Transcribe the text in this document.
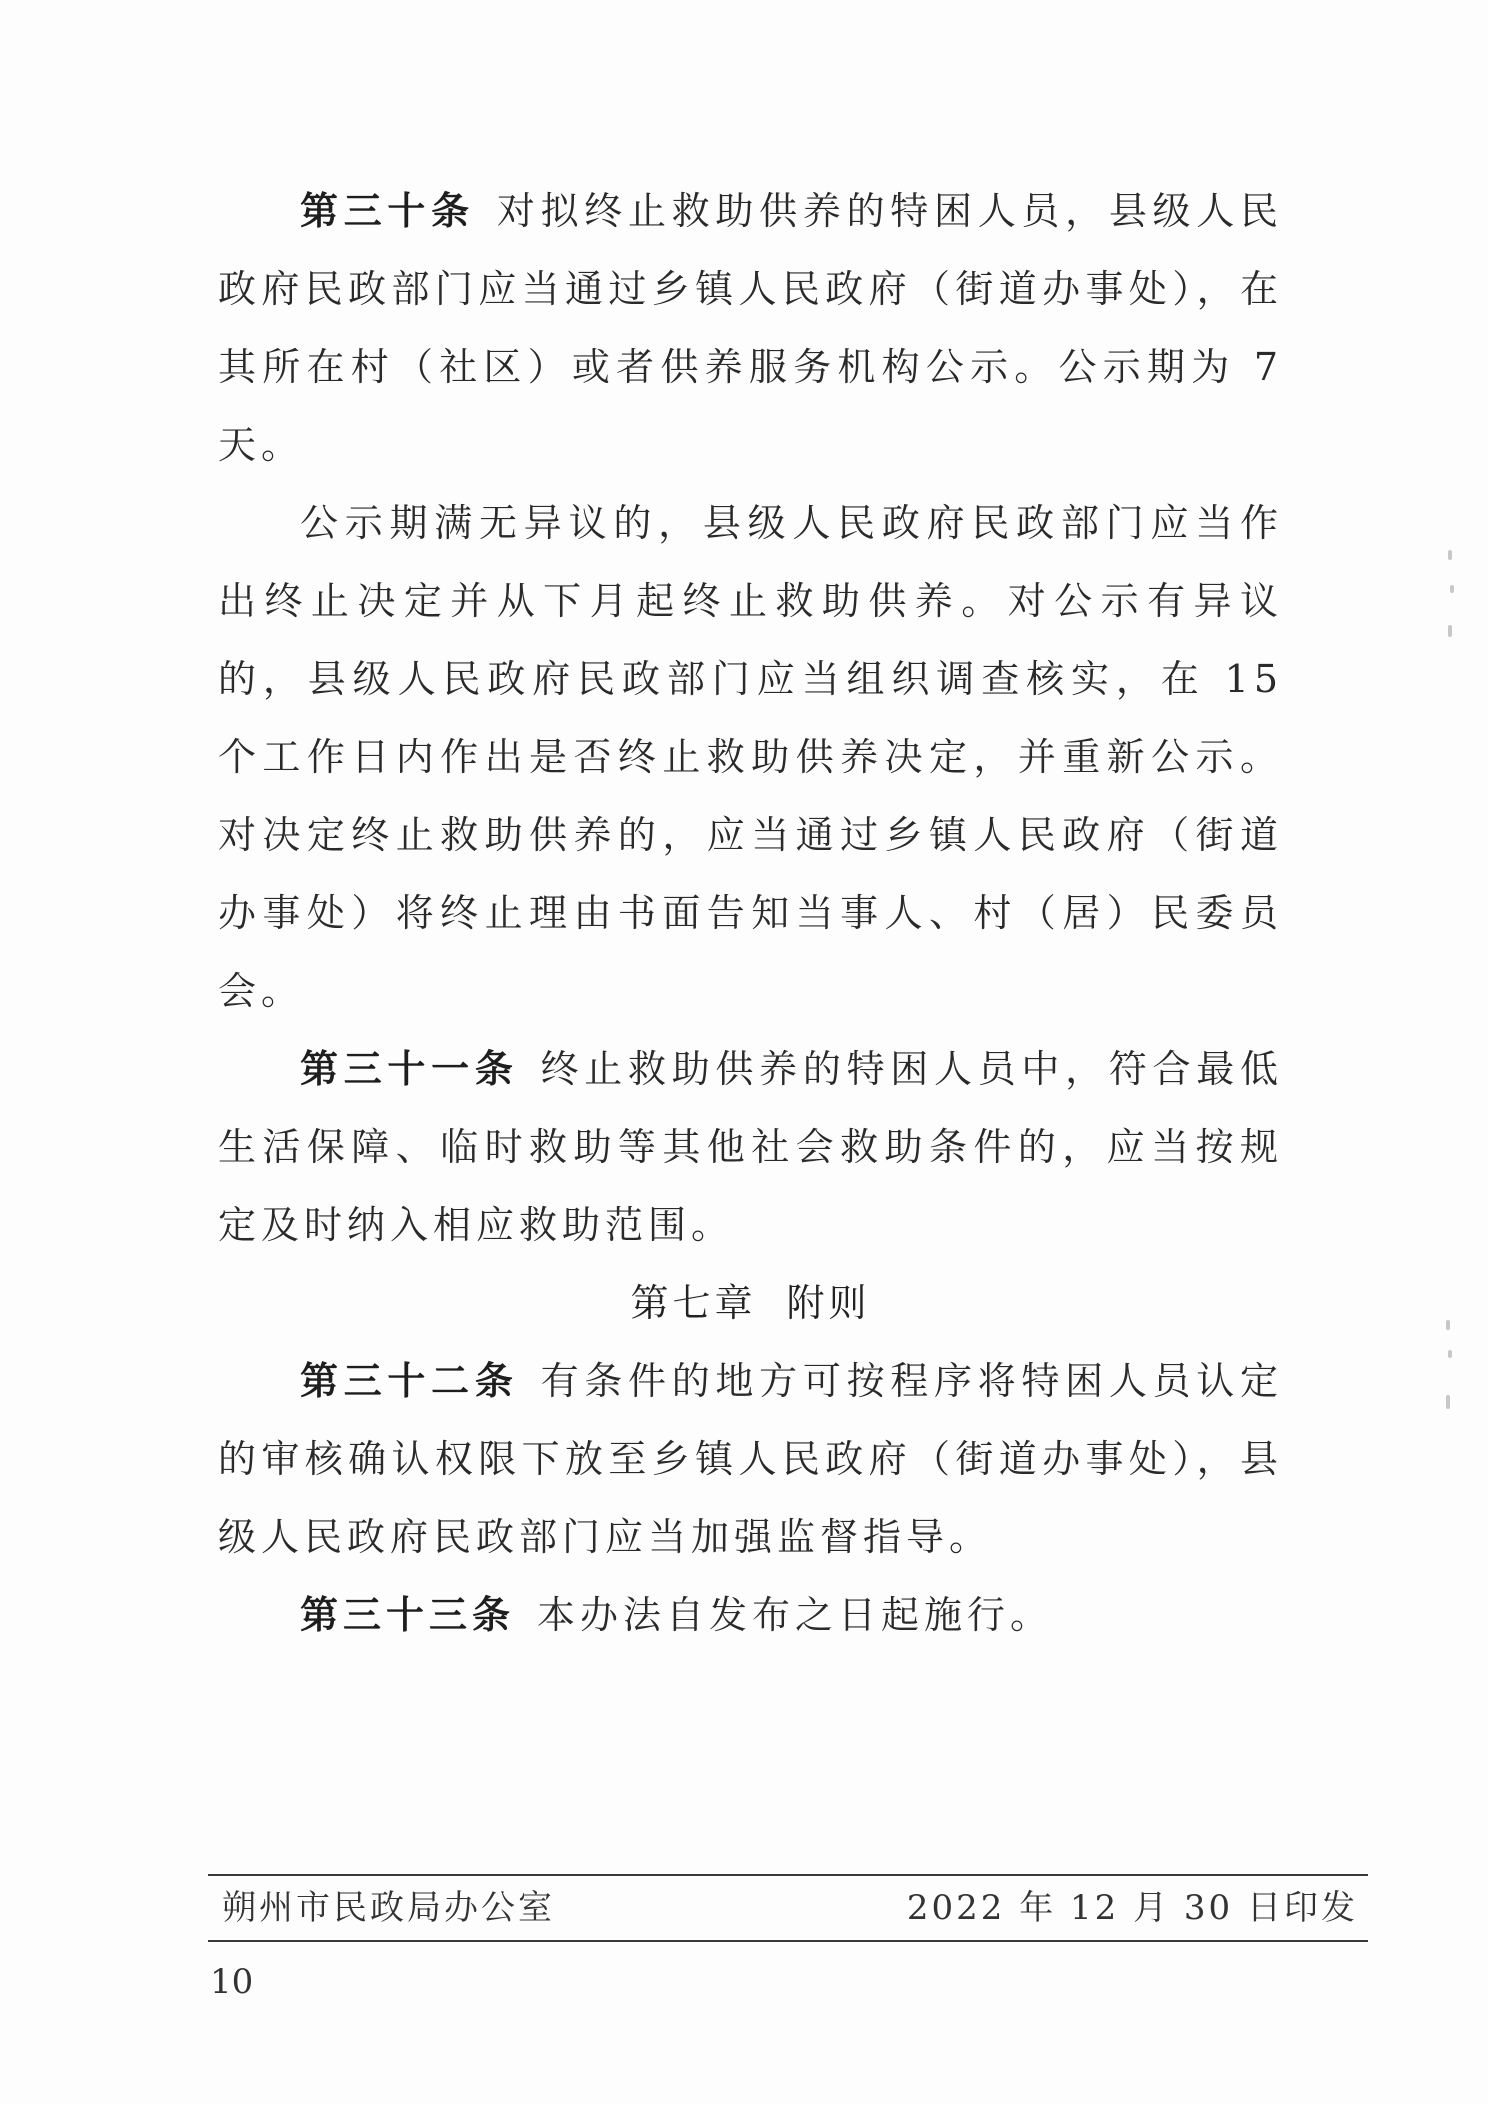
第三十条 对拟终止救助供养的特困人员，县级人民政府民政部门应当通过乡镇人民政府（街道办事处），在其所在村（社区）或者供养服务机构公示。公示期为 7 天。

公示期满无异议的，县级人民政府民政部门应当作出终止决定并从下月起终止救助供养。对公示有异议的，县级人民政府民政部门应当组织调查核实，在 15 个工作日内作出是否终止救助供养决定，并重新公示。对决定终止救助供养的，应当通过乡镇人民政府（街道办事处）将终止理由书面告知当事人、村（居）民委员会。

第三十一条 终止救助供养的特困人员中，符合最低生活保障、临时救助等其他社会救助条件的，应当按规定及时纳入相应救助范围。

第七章 附则

第三十二条 有条件的地方可按程序将特困人员认定的审核确认权限下放至乡镇人民政府（街道办事处），县级人民政府民政部门应当加强监督指导。

第三十三条 本办法自发布之日起施行。

朔州市民政局办公室	2022 年 12 月 30 日印发
10
